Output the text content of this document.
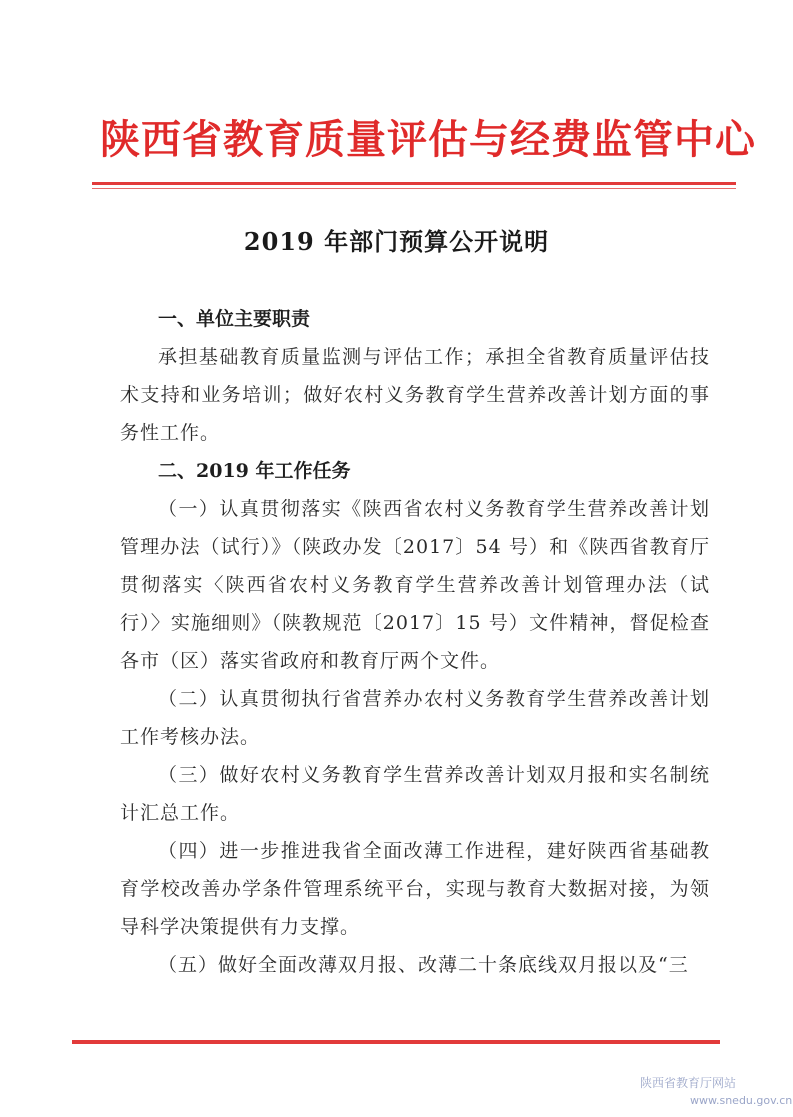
陕西省教育质量评估与经费监管中心
2019 年部门预算公开说明

一、单位主要职责

承担基础教育质量监测与评估工作；承担全省教育质量评估技术支持和业务培训；做好农村义务教育学生营养改善计划方面的事务性工作。

二、2019 年工作任务

（一）认真贯彻落实《陕西省农村义务教育学生营养改善计划管理办法（试行）》（陕政办发〔2017〕54 号）和《陕西省教育厅贯彻落实〈陕西省农村义务教育学生营养改善计划管理办法（试行）〉实施细则》（陕教规范〔2017〕15 号）文件精神，督促检查各市（区）落实省政府和教育厅两个文件。

（二）认真贯彻执行省营养办农村义务教育学生营养改善计划工作考核办法。

（三）做好农村义务教育学生营养改善计划双月报和实名制统计汇总工作。

（四）进一步推进我省全面改薄工作进程，建好陕西省基础教育学校改善办学条件管理系统平台，实现与教育大数据对接，为领导科学决策提供有力支撑。

（五）做好全面改薄双月报、改薄二十条底线双月报以及“三

陕西省教育厅网站
www.snedu.gov.cn
